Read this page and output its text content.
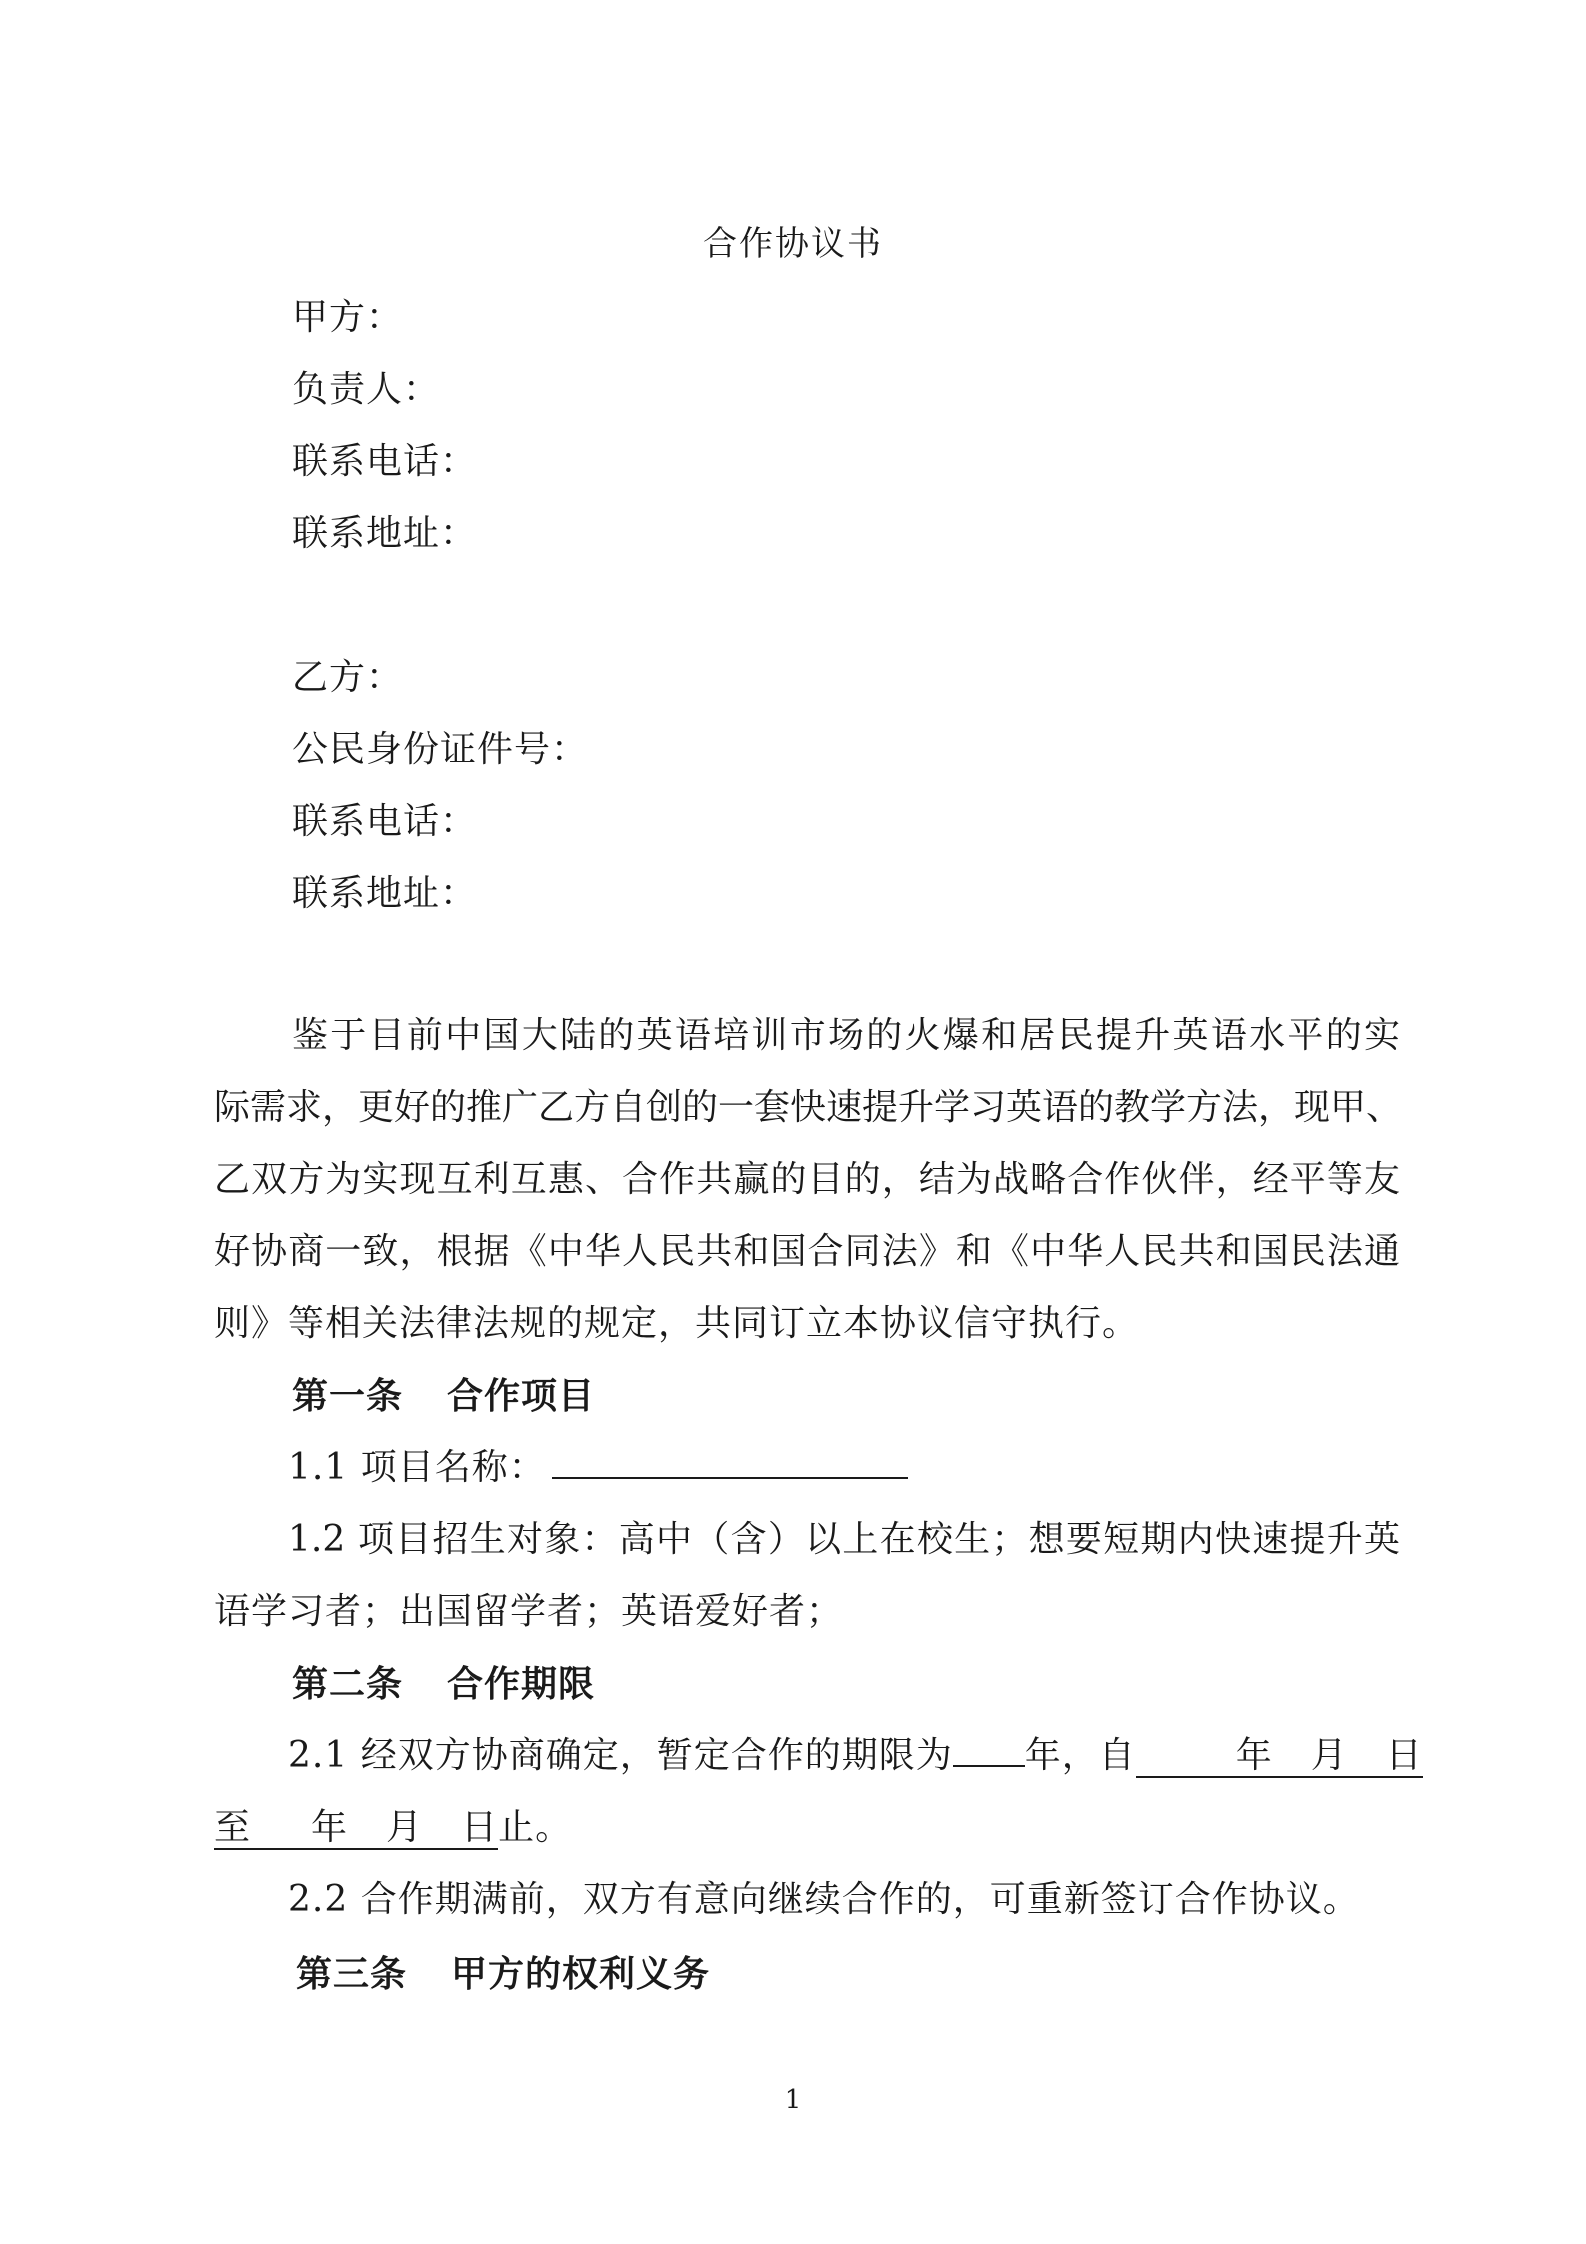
合作协议书
甲方：
负责人：
联系电话：
联系地址：
乙方：
公民身份证件号：
联系电话：
联系地址：
鉴于目前中国大陆的英语培训市场的火爆和居民提升英语水平的实
际需求，更好的推广乙方自创的一套快速提升学习英语的教学方法，现甲、
乙双方为实现互利互惠、合作共赢的目的，结为战略合作伙伴，经平等友
好协商一致，根据《中华人民共和国合同法》和《中华人民共和国民法通
则》等相关法律法规的规定，共同订立本协议信守执行。
第一条 合作项目
1.1 项目名称：
1.2 项目招生对象：高中（含）以上在校生；想要短期内快速提升英
语学习者；出国留学者；英语爱好者；
第二条 合作期限
2.1 经双方协商确定，暂定合作的期限为 年，自	年 月 日
至 年 月 日止。
2.2 合作期满前，双方有意向继续合作的，可重新签订合作协议。
第三条 甲方的权利义务
1
